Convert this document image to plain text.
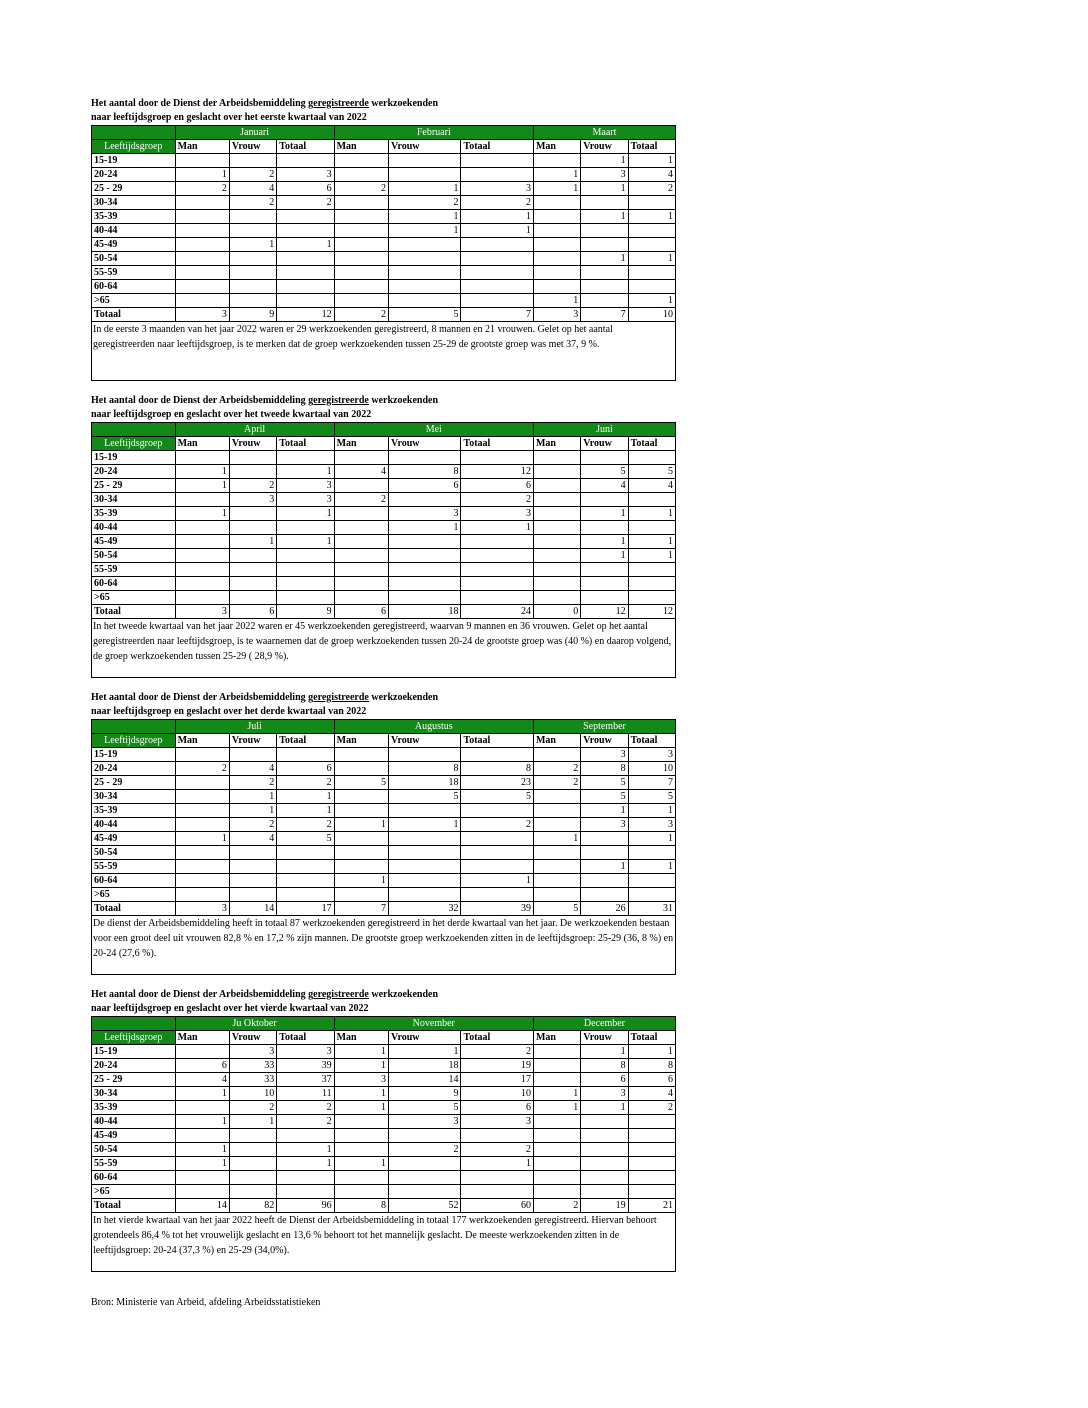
Het aantal door de Dienst der Arbeidsbemiddeling geregistreerde werkzoekenden
naar leeftijdsgroep en geslacht over het eerste kwartaal van 2022
	Januari			Februari			Maart		
Leeftijdsgroep	Man	Vrouw	Totaal	Man	Vrouw	Totaal	Man	Vrouw	Totaal
15-19								1	1
20-24	1	2	3				1	3	4
25 - 29	2	4	6	2	1	3	1	1	2
30-34		2	2		2	2			
35-39					1	1		1	1
40-44					1	1			
45-49		1	1						
50-54								1	1
55-59									
60-64									
>65							1		1
Totaal	3	9	12	2	5	7	3	7	10
In de eerste 3 maanden van het jaar 2022 waren er 29 werkzoekenden geregistreerd, 8 mannen en 21 vrouwen. Gelet op het aantal geregistreerden naar leeftijdsgroep, is te merken dat de groep werkzoekenden tussen 25-29 de grootste groep was met 37, 9 %.									
Het aantal door de Dienst der Arbeidsbemiddeling geregistreerde werkzoekenden
naar leeftijdsgroep en geslacht over het tweede kwartaal van 2022
	April			Mei			Juni		
Leeftijdsgroep	Man	Vrouw	Totaal	Man	Vrouw	Totaal	Man	Vrouw	Totaal
15-19									
20-24	1		1	4	8	12		5	5
25 - 29	1	2	3		6	6		4	4
30-34		3	3	2		2			
35-39	1		1		3	3		1	1
40-44					1	1			
45-49		1	1					1	1
50-54								1	1
55-59									
60-64									
>65									
Totaal	3	6	9	6	18	24	0	12	12
In het tweede kwartaal van het jaar 2022 waren er 45 werkzoekenden geregistreerd, waarvan 9 mannen en 36 vrouwen. Gelet op het aantal geregistreerden naar leeftijdsgroep, is te waarnemen dat de groep werkzoekenden tussen 20-24 de grootste groep was (40 %) en daarop volgend, de groep werkzoekenden tussen 25-29 ( 28,9 %).									
Het aantal door de Dienst der Arbeidsbemiddeling geregistreerde werkzoekenden
naar leeftijdsgroep en geslacht over het derde kwartaal van 2022
	Juli			Augustus			September		
Leeftijdsgroep	Man	Vrouw	Totaal	Man	Vrouw	Totaal	Man	Vrouw	Totaal
15-19								3	3
20-24	2	4	6		8	8	2	8	10
25 - 29		2	2	5	18	23	2	5	7
30-34		1	1		5	5		5	5
35-39		1	1					1	1
40-44		2	2	1	1	2		3	3
45-49	1	4	5				1		1
50-54									
55-59								1	1
60-64				1		1			
>65									
Totaal	3	14	17	7	32	39	5	26	31
De dienst der Arbeidsbemiddeling heeft in totaal 87 werkzoekenden geregistreerd in het derde kwartaal van het jaar. De werkzoekenden bestaan voor een groot deel uit vrouwen 82,8 % en 17,2 % zijn mannen. De grootste groep werkzoekenden zitten in de leeftijdsgroep: 25-29 (36, 8 %) en 20-24 (27,6 %).									
Het aantal door de Dienst der Arbeidsbemiddeling geregistreerde werkzoekenden
naar leeftijdsgroep en geslacht over het vierde kwartaal van 2022
	Ju Oktober			November			December		
Leeftijdsgroep	Man	Vrouw	Totaal	Man	Vrouw	Totaal	Man	Vrouw	Totaal
15-19		3	3	1	1	2		1	1
20-24	6	33	39	1	18	19		8	8
25 - 29	4	33	37	3	14	17		6	6
30-34	1	10	11	1	9	10	1	3	4
35-39		2	2	1	5	6	1	1	2
40-44	1	1	2		3	3			
45-49									
50-54	1		1		2	2			
55-59	1		1	1		1			
60-64									
>65									
Totaal	14	82	96	8	52	60	2	19	21
In het vierde kwartaal van het jaar 2022 heeft de Dienst der Arbeidsbemiddeling in totaal 177 werkzoekenden geregistreerd. Hiervan behoort grotendeels 86,4 % tot het vrouwelijk geslacht en 13,6 % behoort tot het mannelijk geslacht. De meeste werkzoekenden zitten in de leeftijdsgroep: 20-24 (37,3 %) en 25-29 (34,0%).									
Bron: Ministerie van Arbeid, afdeling Arbeidsstatistieken
